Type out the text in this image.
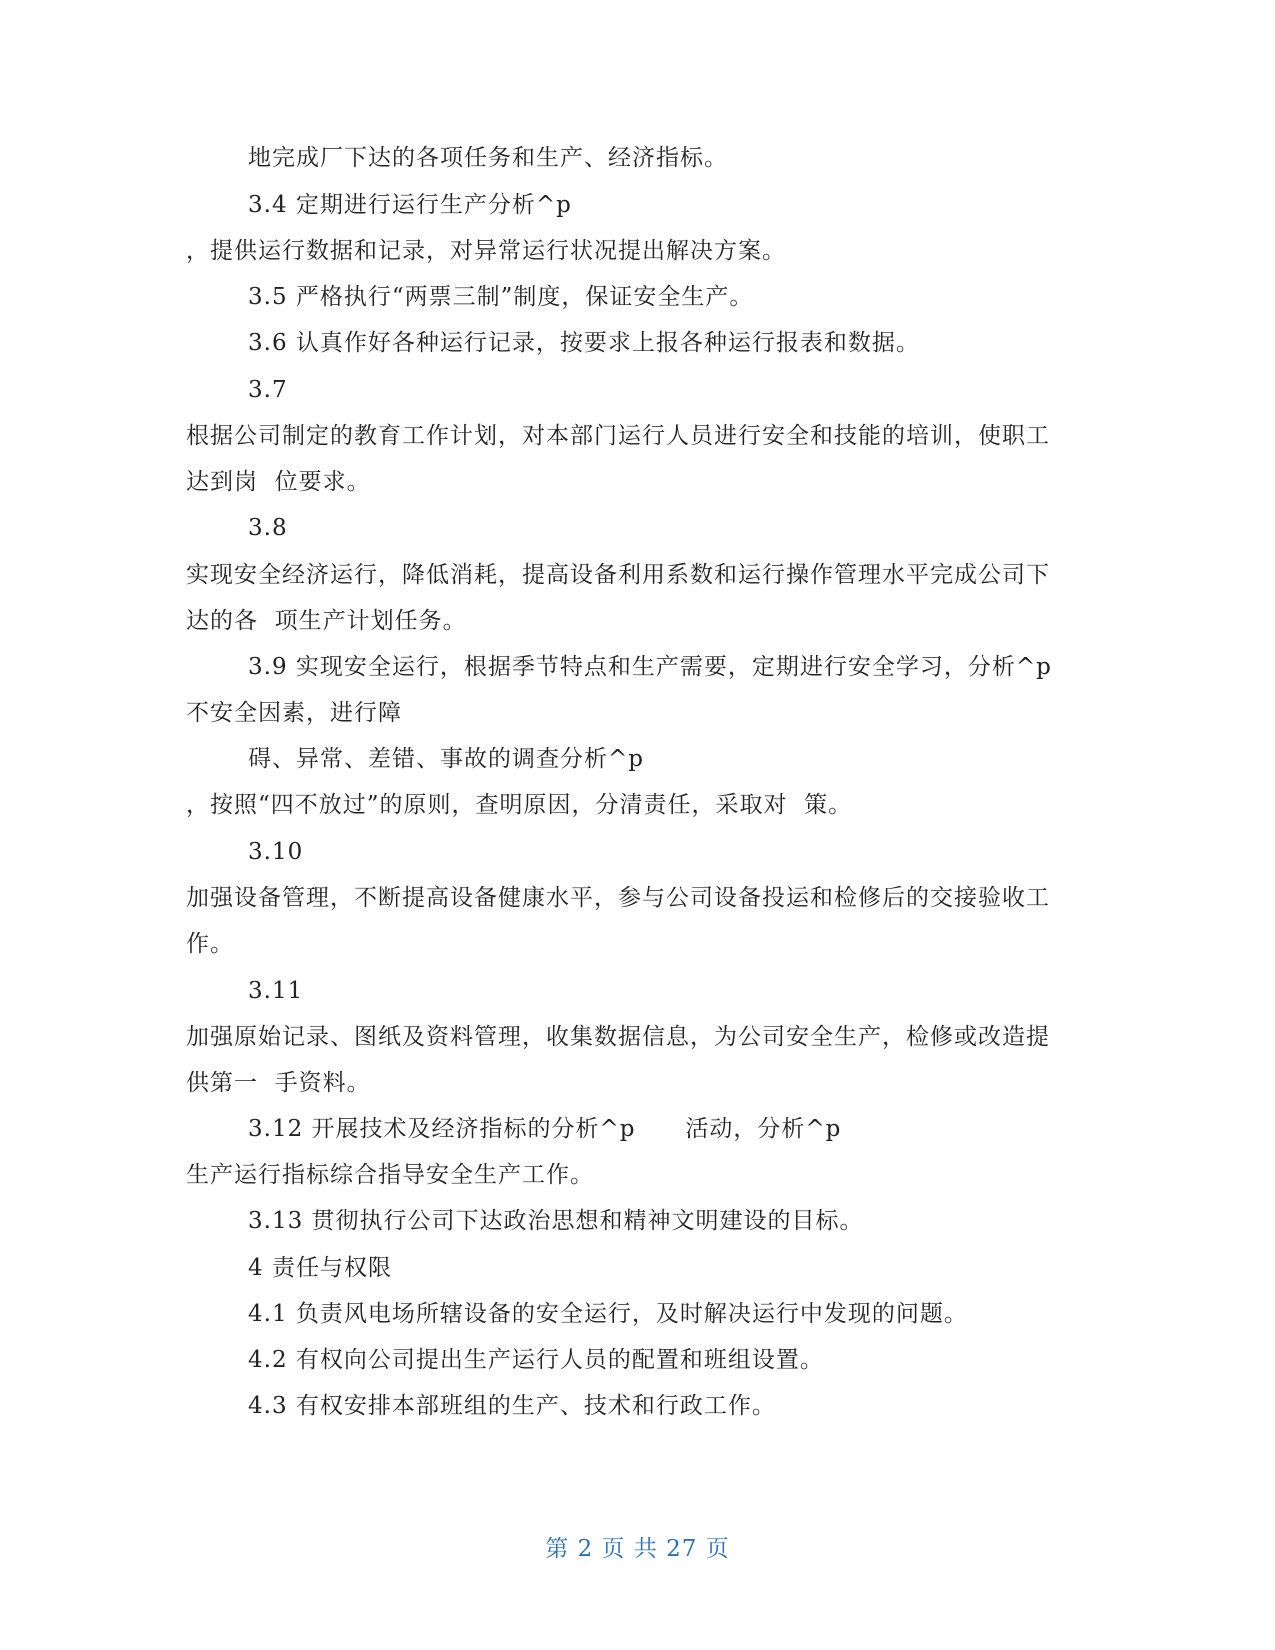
地完成厂下达的各项任务和生产、经济指标。
3.4 定期进行运行生产分析^p
，提供运行数据和记录，对异常运行状况提出解决方案。
3.5 严格执行“两票三制”制度，保证安全生产。
3.6 认真作好各种运行记录，按要求上报各种运行报表和数据。
3.7
根据公司制定的教育工作计划，对本部门运行人员进行安全和技能的培训，使职工
达到岗  位要求。
3.8
实现安全经济运行，降低消耗，提高设备利用系数和运行操作管理水平完成公司下
达的各  项生产计划任务。
3.9 实现安全运行，根据季节特点和生产需要，定期进行安全学习，分析^p
不安全因素，进行障
碍、异常、差错、事故的调查分析^p
，按照“四不放过”的原则，查明原因，分清责任，采取对  策。
3.10
加强设备管理，不断提高设备健康水平，参与公司设备投运和检修后的交接验收工
作。
3.11
加强原始记录、图纸及资料管理，收集数据信息，为公司安全生产，检修或改造提
供第一  手资料。
3.12 开展技术及经济指标的分析^p      活动，分析^p
生产运行指标综合指导安全生产工作。
3.13 贯彻执行公司下达政治思想和精神文明建设的目标。
4 责任与权限
4.1 负责风电场所辖设备的安全运行，及时解决运行中发现的问题。
4.2 有权向公司提出生产运行人员的配置和班组设置。
4.3 有权安排本部班组的生产、技术和行政工作。
第 2 页 共 27 页
